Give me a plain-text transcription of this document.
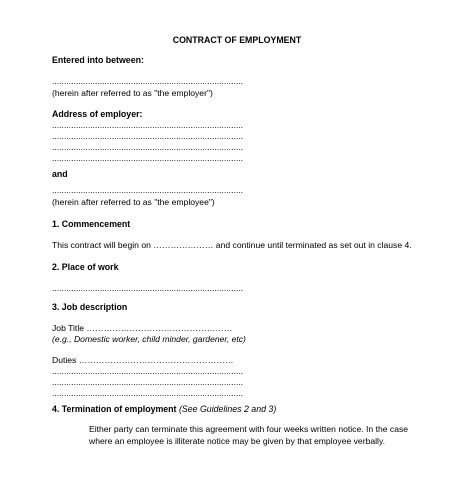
CONTRACT OF EMPLOYMENT
Entered into between:
................................................................................
(herein after referred to as "the employer")
Address of employer:
................................................................................
................................................................................
................................................................................
................................................................................
and
................................................................................
(herein after referred to as "the employee")
1. Commencement
This contract will begin on ………………… and continue until terminated as set out in clause 4.
2. Place of work
................................................................................
3. Job description
Job Title ……………………………………………
(e.g., Domestic worker, child minder, gardener, etc)
Duties ………………………………………………
................................................................................
................................................................................
................................................................................
4. Termination of employment (See Guidelines 2 and 3)
Either party can terminate this agreement with four weeks written notice. In the case where an employee is illiterate notice may be given by that employee verbally.
